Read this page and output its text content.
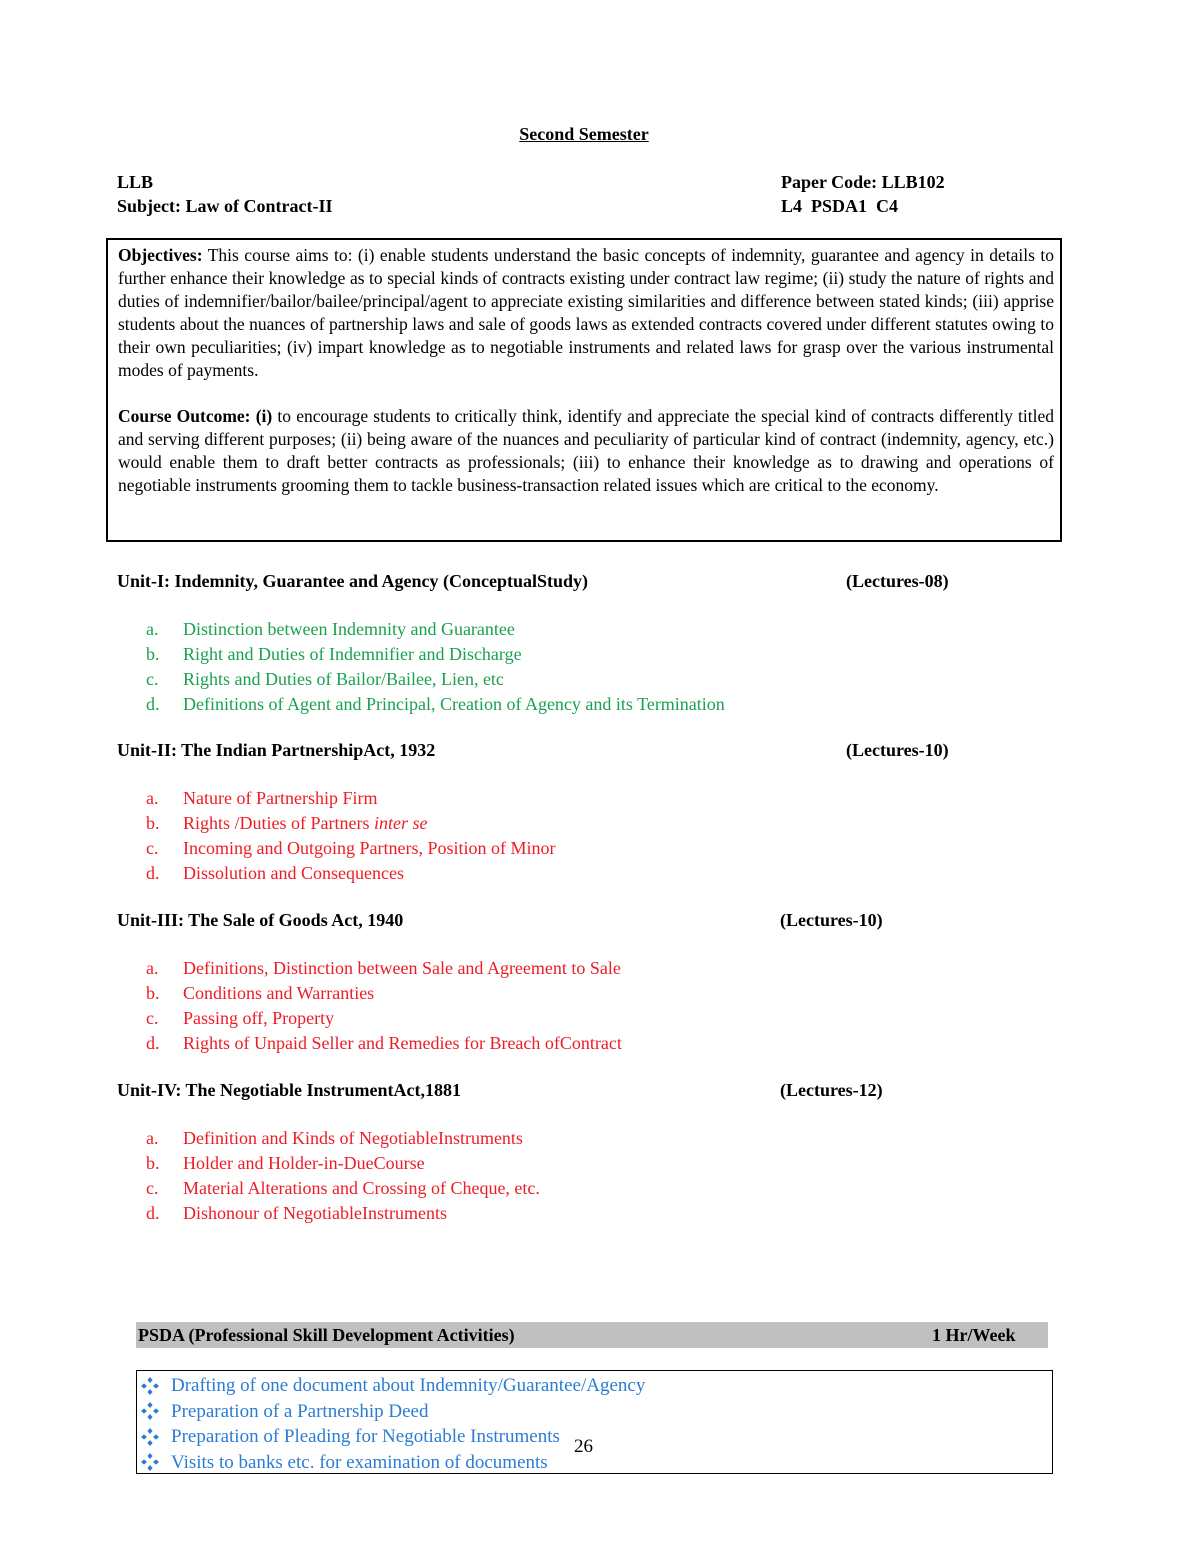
Second Semester
LLB	Paper Code: LLB102
Subject: Law of Contract-II	L4  PSDA1  C4

Objectives: This course aims to: (i) enable students understand the basic concepts of indemnity, guarantee and agency in details to further enhance their knowledge as to special kinds of contracts existing under contract law regime; (ii) study the nature of rights and duties of indemnifier/bailor/bailee/principal/agent to appreciate existing similarities and difference between stated kinds; (iii) apprise students about the nuances of partnership laws and sale of goods laws as extended contracts covered under different statutes owing to their own peculiarities; (iv) impart knowledge as to negotiable instruments and related laws for grasp over the various instrumental modes of payments.

Course Outcome: (i) to encourage students to critically think, identify and appreciate the special kind of contracts differently titled and serving different purposes; (ii) being aware of the nuances and peculiarity of particular kind of contract (indemnity, agency, etc.) would enable them to draft better contracts as professionals; (iii) to enhance their knowledge as to drawing and operations of negotiable instruments grooming them to tackle business-transaction related issues which are critical to the economy.

Unit-I: Indemnity, Guarantee and Agency (ConceptualStudy)	(Lectures-08)
a.	Distinction between Indemnity and Guarantee
b.	Right and Duties of Indemnifier and Discharge
c.	Rights and Duties of Bailor/Bailee, Lien, etc
d.	Definitions of Agent and Principal, Creation of Agency and its Termination
Unit-II: The Indian PartnershipAct, 1932	(Lectures-10)
a.	Nature of Partnership Firm
b.	Rights /Duties of Partners inter se
c.	Incoming and Outgoing Partners, Position of Minor
d.	Dissolution and Consequences
Unit-III: The Sale of Goods Act, 1940	(Lectures-10)
a.	Definitions, Distinction between Sale and Agreement to Sale
b.	Conditions and Warranties
c.	Passing off, Property
d.	Rights of Unpaid Seller and Remedies for Breach ofContract
Unit-IV: The Negotiable InstrumentAct,1881	(Lectures-12)
a.	Definition and Kinds of NegotiableInstruments
b.	Holder and Holder-in-DueCourse
c.	Material Alterations and Crossing of Cheque, etc.
d.	Dishonour of NegotiableInstruments
PSDA (Professional Skill Development Activities)	1 Hr/Week
Drafting of one document about Indemnity/Guarantee/Agency
Preparation of a Partnership Deed
Preparation of Pleading for Negotiable Instruments
Visits to banks etc. for examination of documents
26
